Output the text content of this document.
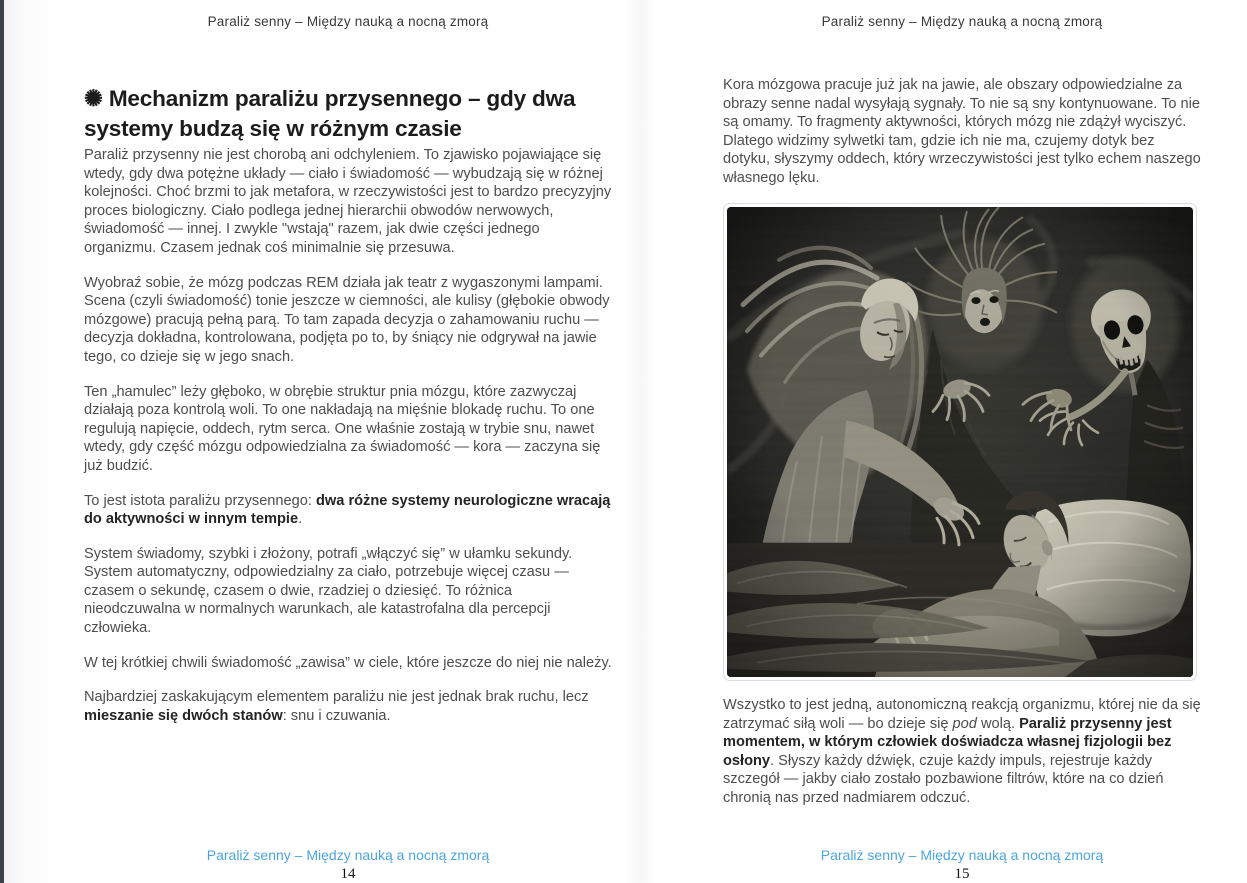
Paraliż senny – Między nauką a nocną zmorą
✺ Mechanizm paraliżu przysennego – gdy dwa systemy budzą się w różnym czasie

Paraliż przysenny nie jest chorobą ani odchyleniem. To zjawisko pojawiające się wtedy, gdy dwa potężne układy — ciało i świadomość — wybudzają się w różnej kolejności. Choć brzmi to jak metafora, w rzeczywistości jest to bardzo precyzyjny proces biologiczny. Ciało podlega jednej hierarchii obwodów nerwowych, świadomość — innej. I zwykle "wstają" razem, jak dwie części jednego organizmu. Czasem jednak coś minimalnie się przesuwa.

Wyobraź sobie, że mózg podczas REM działa jak teatr z wygaszonymi lampami. Scena (czyli świadomość) tonie jeszcze w ciemności, ale kulisy (głębokie obwody mózgowe) pracują pełną parą. To tam zapada decyzja o zahamowaniu ruchu — decyzja dokładna, kontrolowana, podjęta po to, by śniący nie odgrywał na jawie tego, co dzieje się w jego snach.

Ten „hamulec” leży głęboko, w obrębie struktur pnia mózgu, które zazwyczaj działają poza kontrolą woli. To one nakładają na mięśnie blokadę ruchu. To one regulują napięcie, oddech, rytm serca. One właśnie zostają w trybie snu, nawet wtedy, gdy część mózgu odpowiedzialna za świadomość — kora — zaczyna się już budzić.

To jest istota paraliżu przysennego: dwa różne systemy neurologiczne wracają do aktywności w innym tempie.

System świadomy, szybki i złożony, potrafi „włączyć się” w ułamku sekundy. System automatyczny, odpowiedzialny za ciało, potrzebuje więcej czasu — czasem o sekundę, czasem o dwie, rzadziej o dziesięć. To różnica nieodczuwalna w normalnych warunkach, ale katastrofalna dla percepcji człowieka.

W tej krótkiej chwili świadomość „zawisa” w ciele, które jeszcze do niej nie należy.

Najbardziej zaskakującym elementem paraliżu nie jest jednak brak ruchu, lecz mieszanie się dwóch stanów: snu i czuwania.

Paraliż senny – Między nauką a nocną zmorą
14
Paraliż senny – Między nauką a nocną zmorą

Kora mózgowa pracuje już jak na jawie, ale obszary odpowiedzialne za obrazy senne nadal wysyłają sygnały. To nie są sny kontynuowane. To nie są omamy. To fragmenty aktywności, których mózg nie zdążył wyciszyć. Dlatego widzimy sylwetki tam, gdzie ich nie ma, czujemy dotyk bez dotyku, słyszymy oddech, który wrzeczywistości jest tylko echem naszego własnego lęku.

Wszystko to jest jedną, autonomiczną reakcją organizmu, której nie da się zatrzymać siłą woli — bo dzieje się pod wolą. Paraliż przysenny jest momentem, w którym człowiek doświadcza własnej fizjologii bez osłony. Słyszy każdy dźwięk, czuje każdy impuls, rejestruje każdy szczegół — jakby ciało zostało pozbawione filtrów, które na co dzień chronią nas przed nadmiarem odczuć.

Paraliż senny – Między nauką a nocną zmorą
15
